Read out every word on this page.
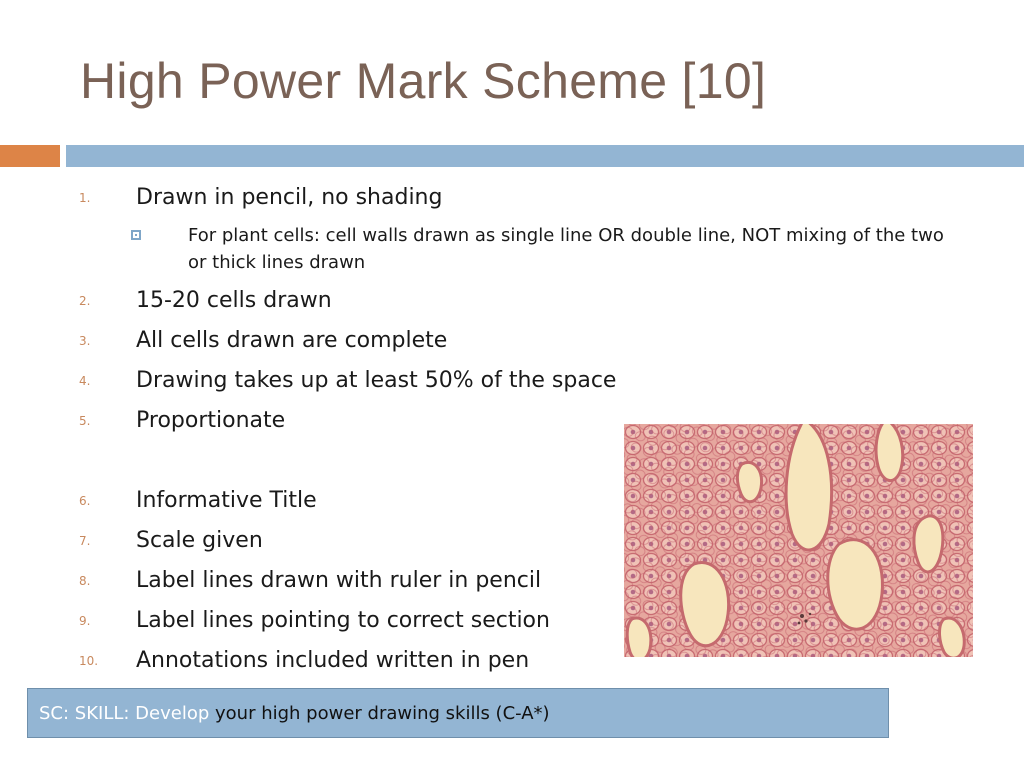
High Power Mark Scheme [10]
1. Drawn in pencil, no shading
For plant cells: cell walls drawn as single line OR double line, NOT mixing of the two or thick lines drawn
2. 15-20 cells drawn
3. All cells drawn are complete
4. Drawing takes up at least 50% of the space
5. Proportionate
6. Informative Title
7. Scale given
8. Label lines drawn with ruler in pencil
9. Label lines pointing to correct section
10. Annotations included written in pen
SC: SKILL: Develop your high power drawing skills (C-A*)
